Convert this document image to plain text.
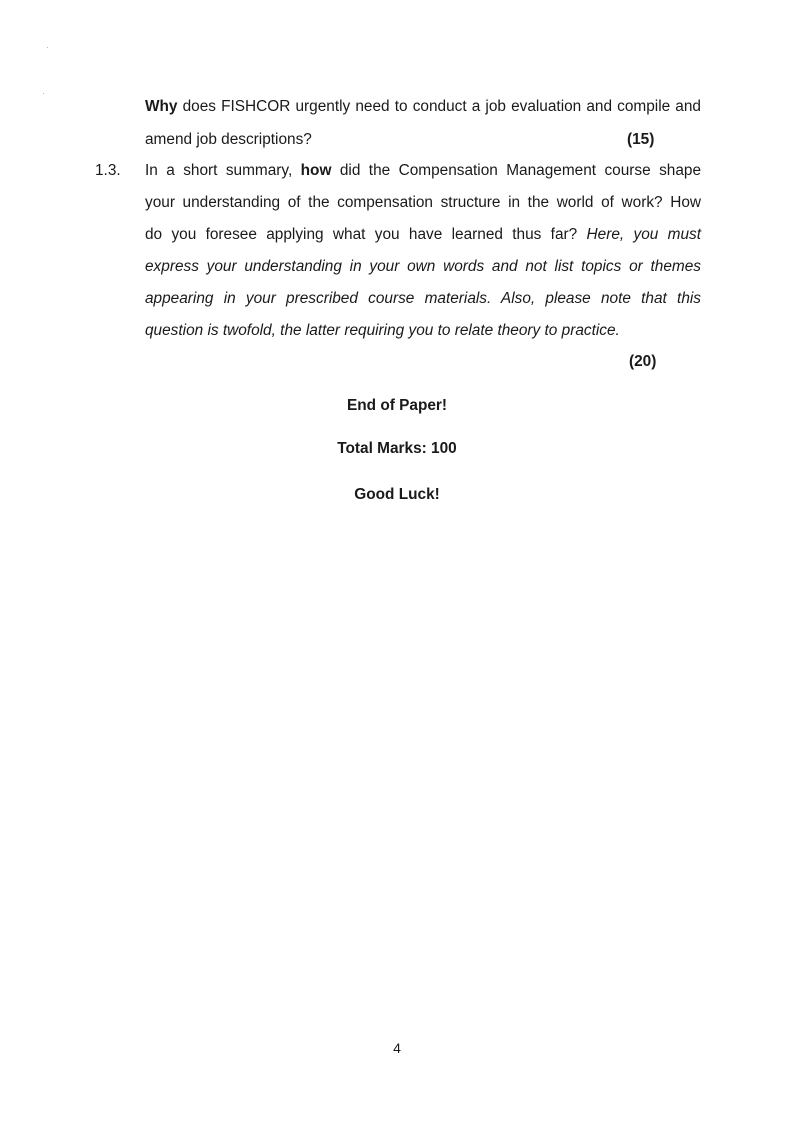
Why does FISHCOR urgently need to conduct a job evaluation and compile and
amend job descriptions?	(15)
1.3. In a short summary, how did the Compensation Management course shape
your understanding of the compensation structure in the world of work? How
do you foresee applying what you have learned thus far? Here, you must
express your understanding in your own words and not list topics or themes
appearing in your prescribed course materials. Also, please note that this
question is twofold, the latter requiring you to relate theory to practice.
(20)
End of Paper!
Total Marks: 100
Good Luck!
4
